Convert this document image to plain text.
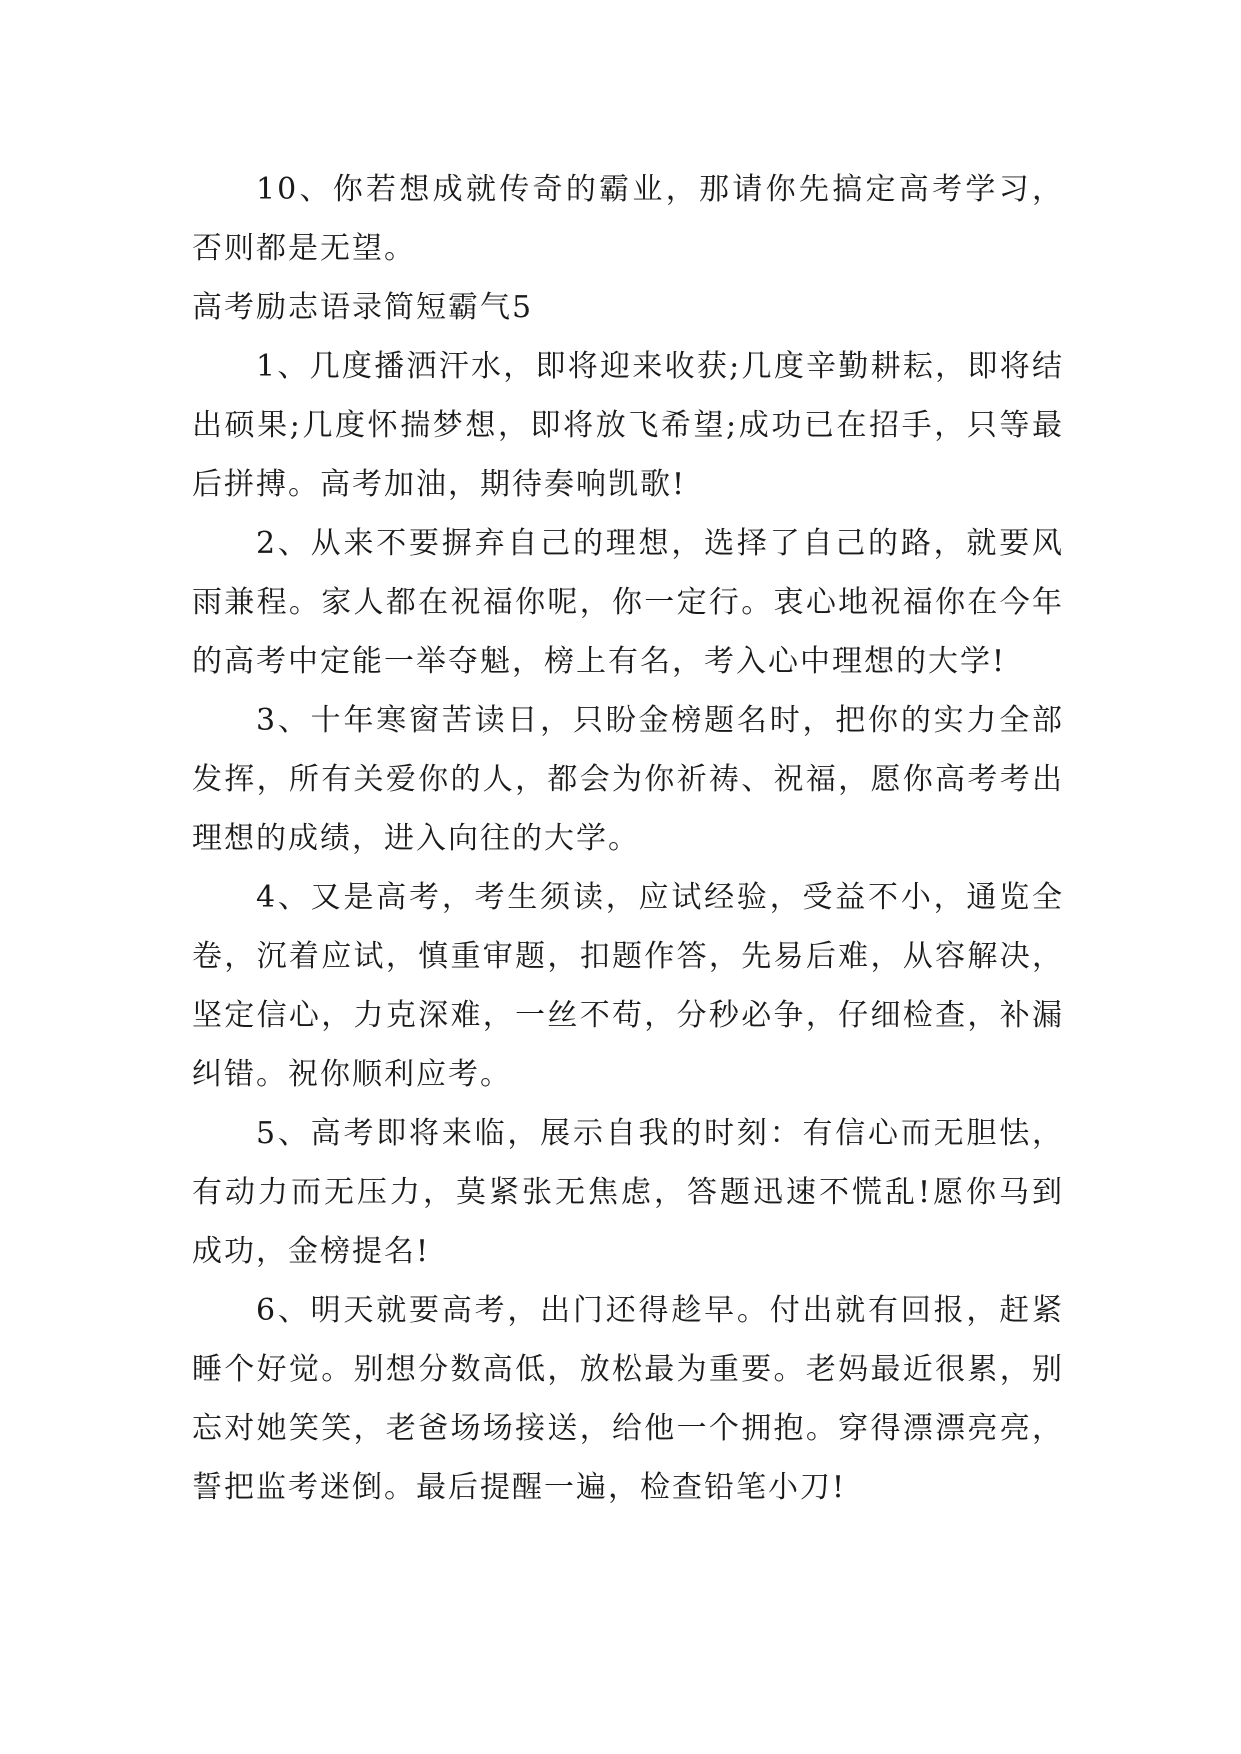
10、你若想成就传奇的霸业，那请你先搞定高考学习，否则都是无望。

高考励志语录简短霸气5

1、几度播洒汗水，即将迎来收获;几度辛勤耕耘，即将结出硕果;几度怀揣梦想，即将放飞希望;成功已在招手，只等最后拼搏。高考加油，期待奏响凯歌!

2、从来不要摒弃自己的理想，选择了自己的路，就要风雨兼程。家人都在祝福你呢，你一定行。衷心地祝福你在今年的高考中定能一举夺魁，榜上有名，考入心中理想的大学!

3、十年寒窗苦读日，只盼金榜题名时，把你的实力全部发挥，所有关爱你的人，都会为你祈祷、祝福，愿你高考考出理想的成绩，进入向往的大学。

4、又是高考，考生须读，应试经验，受益不小，通览全卷，沉着应试，慎重审题，扣题作答，先易后难，从容解决，坚定信心，力克深难，一丝不苟，分秒必争，仔细检查，补漏纠错。祝你顺利应考。

5、高考即将来临，展示自我的时刻：有信心而无胆怯，有动力而无压力，莫紧张无焦虑，答题迅速不慌乱!愿你马到成功，金榜提名!

6、明天就要高考，出门还得趁早。付出就有回报，赶紧睡个好觉。别想分数高低，放松最为重要。老妈最近很累，别忘对她笑笑，老爸场场接送，给他一个拥抱。穿得漂漂亮亮，誓把监考迷倒。最后提醒一遍，检查铅笔小刀!
